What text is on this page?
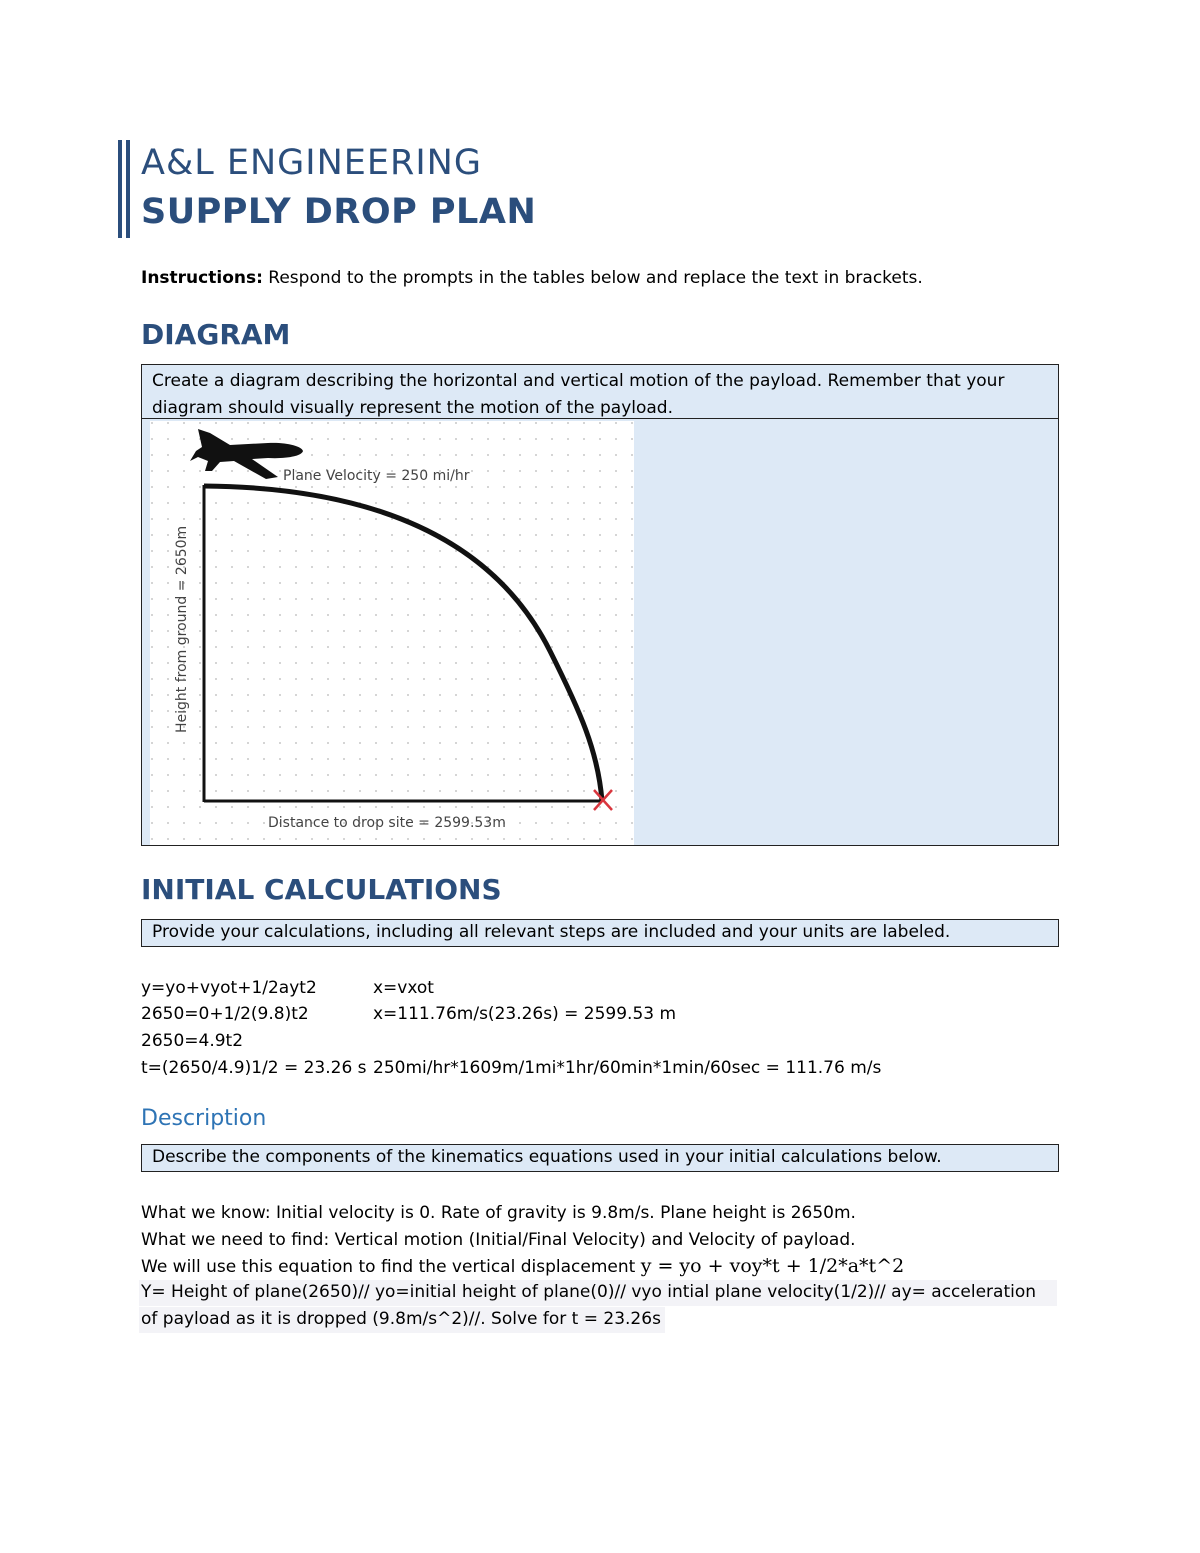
A&L ENGINEERING
SUPPLY DROP PLAN
Instructions: Respond to the prompts in the tables below and replace the text in brackets.
DIAGRAM
Create a diagram describing the horizontal and vertical motion of the payload. Remember that your diagram should visually represent the motion of the payload.
Plane Velocity = 250 mi/hr
Height from ground = 2650m
Distance to drop site = 2599.53m
INITIAL CALCULATIONS
Provide your calculations, including all relevant steps are included and your units are labeled.
y=yo+vyot+1/2ayt2
2650=0+1/2(9.8)t2
2650=4.9t2
t=(2650/4.9)1/2 = 23.26 s
x=vxot
x=111.76m/s(23.26s) = 2599.53 m
250mi/hr*1609m/1mi*1hr/60min*1min/60sec = 111.76 m/s
Description
Describe the components of the kinematics equations used in your initial calculations below.
What we know: Initial velocity is 0. Rate of gravity is 9.8m/s. Plane height is 2650m.
What we need to find: Vertical motion (Initial/Final Velocity) and Velocity of payload.
We will use this equation to find the vertical displacement y = yo + voy*t + 1/2*a*t^2
Y= Height of plane(2650)// yo=initial height of plane(0)// vyo intial plane velocity(1/2)// ay= acceleration
of payload as it is dropped (9.8m/s^2)//. Solve for t = 23.26s
